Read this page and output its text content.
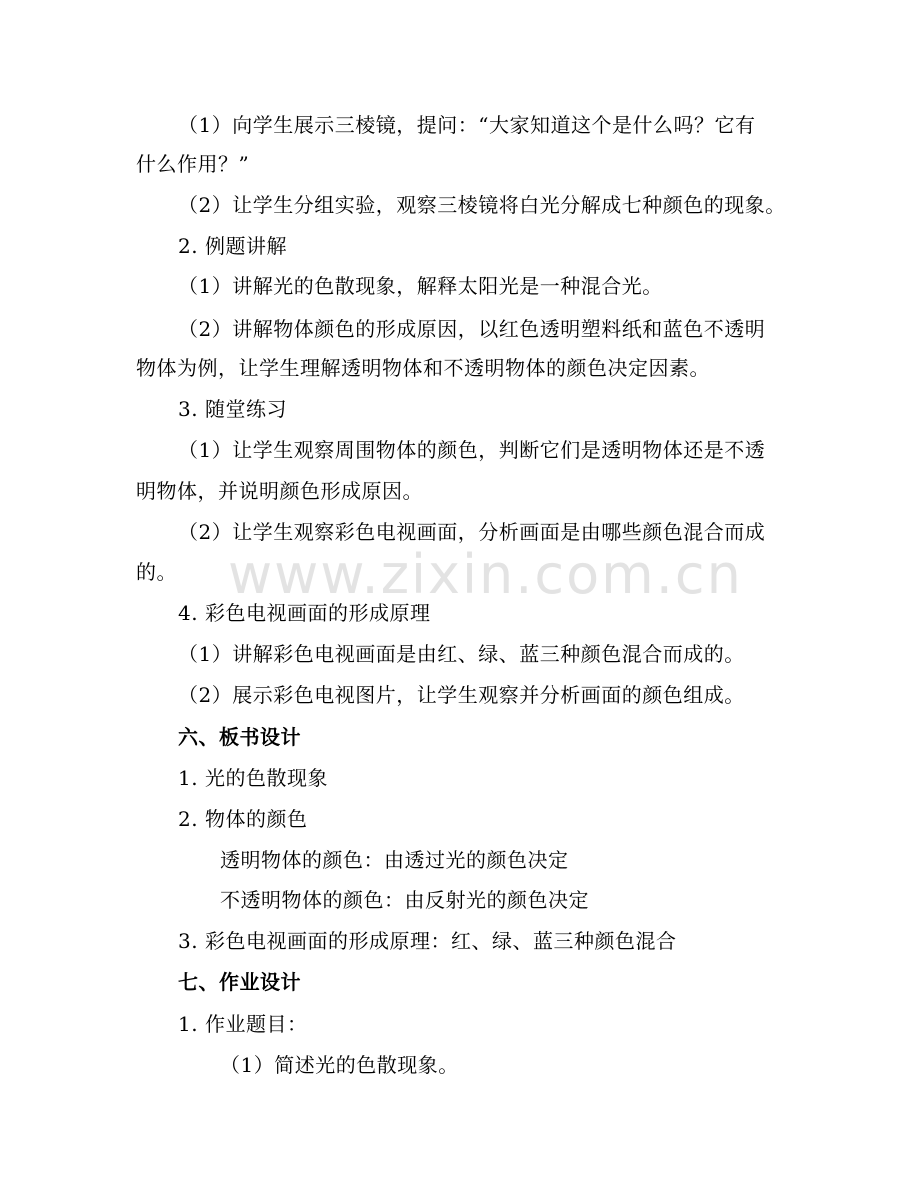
www.zixin.com.cn
（1）向学生展示三棱镜，提问：“大家知道这个是什么吗？它有
什么作用？”
（2）让学生分组实验，观察三棱镜将白光分解成七种颜色的现象。
2. 例题讲解
（1）讲解光的色散现象，解释太阳光是一种混合光。
（2）讲解物体颜色的形成原因，以红色透明塑料纸和蓝色不透明
物体为例，让学生理解透明物体和不透明物体的颜色决定因素。
3. 随堂练习
（1）让学生观察周围物体的颜色，判断它们是透明物体还是不透
明物体，并说明颜色形成原因。
（2）让学生观察彩色电视画面，分析画面是由哪些颜色混合而成
的。
4. 彩色电视画面的形成原理
（1）讲解彩色电视画面是由红、绿、蓝三种颜色混合而成的。
（2）展示彩色电视图片，让学生观察并分析画面的颜色组成。
六、板书设计
1. 光的色散现象
2. 物体的颜色
透明物体的颜色：由透过光的颜色决定
不透明物体的颜色：由反射光的颜色决定
3. 彩色电视画面的形成原理：红、绿、蓝三种颜色混合
七、作业设计
1. 作业题目：
（1）简述光的色散现象。
